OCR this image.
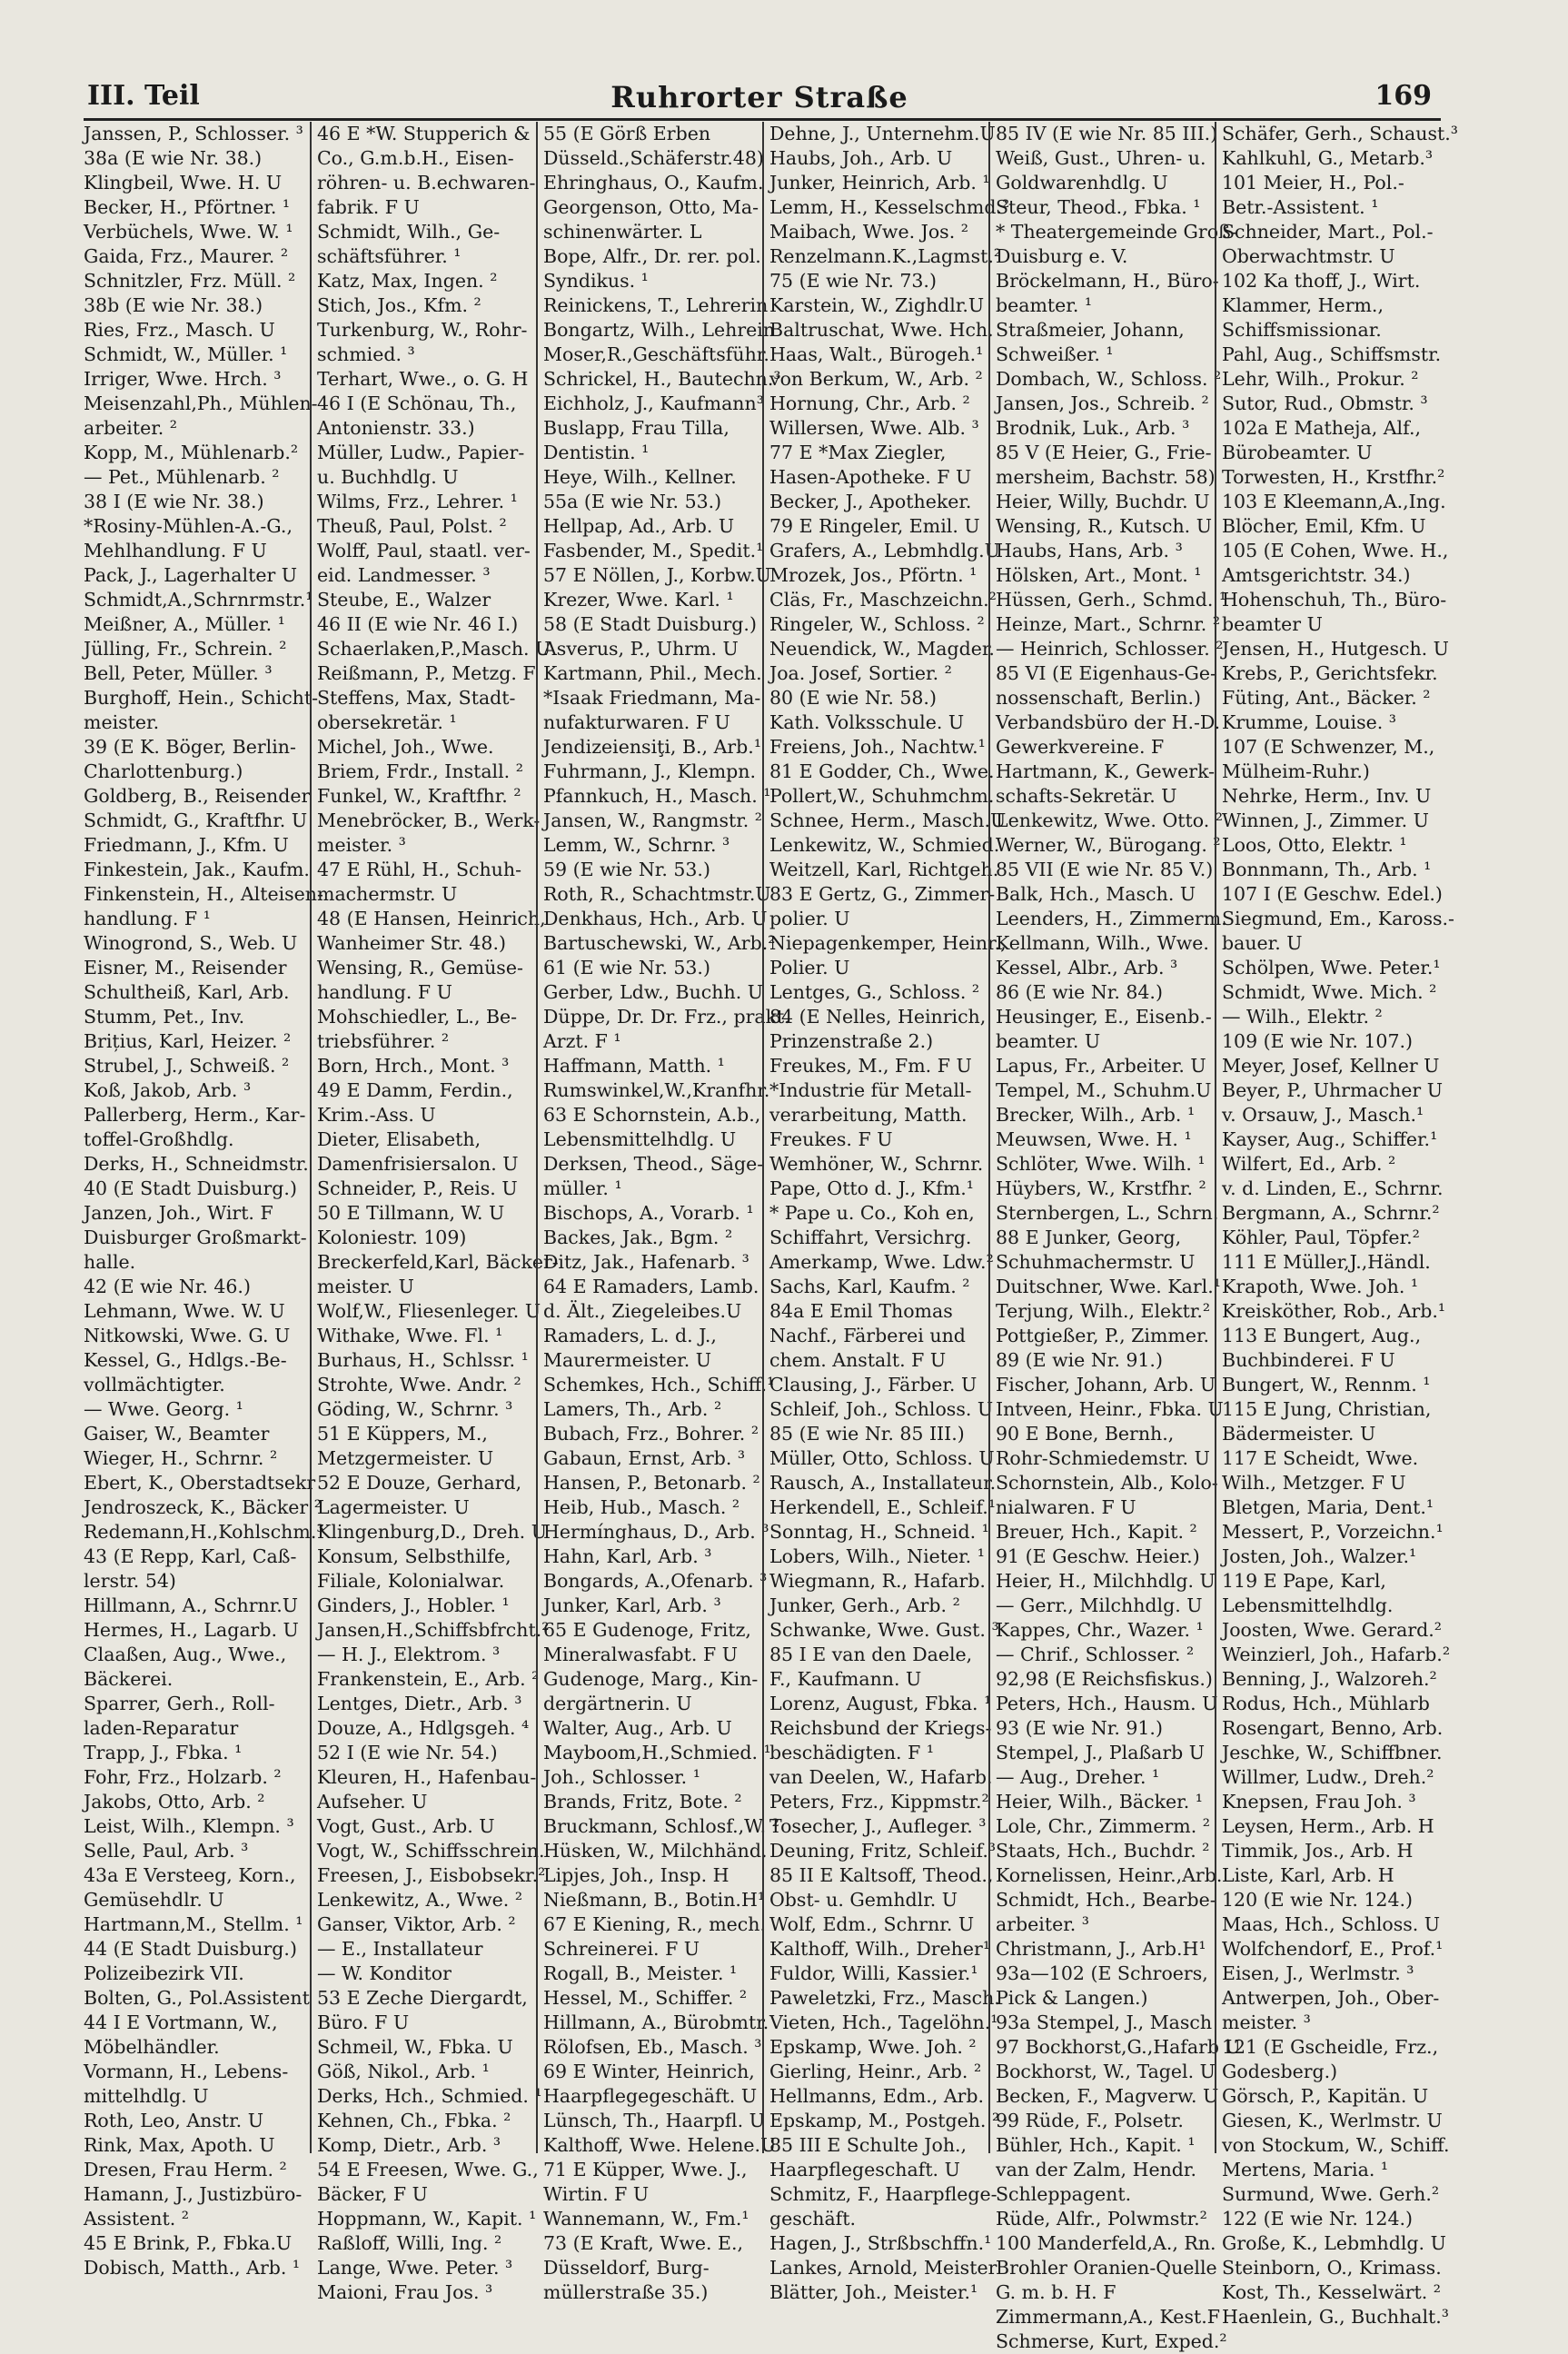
III. Teil	Ruhrorter Straße	169
Janssen, P., Schlosser. ³
38a (E wie Nr. 38.)
Klingbeil, Wwe. H. U
Becker, H., Pförtner. ¹
Verbüchels, Wwe. W. ¹
Gaida, Frz., Maurer. ²
Schnitzler, Frz. Müll. ²
38b (E wie Nr. 38.)
Ries, Frz., Masch. U
Schmidt, W., Müller. ¹
Irriger, Wwe. Hrch. ³
Meisenzahl,Ph., Mühlen-
arbeiter. ²
Kopp, M., Mühlenarb.²
— Pet., Mühlenarb. ²
38 I (E wie Nr. 38.)
*Rosiny-Mühlen-A.-G.,
Mehlhandlung. F U
Pack, J., Lagerhalter U
Schmidt,A.,Schrnrmstr.¹
Meißner, A., Müller. ¹
Jülling, Fr., Schrein. ²
Bell, Peter, Müller. ³
Burghoff, Hein., Schicht-
meister.
39 (E K. Böger, Berlin-
Charlottenburg.)
Goldberg, B., Reisender
Schmidt, G., Kraftfhr. U
Friedmann, J., Kfm. U
Finkestein, Jak., Kaufm.
Finkenstein, H., Alteisen-
handlung. F ¹
Winogrond, S., Web. U
Eisner, M., Reisender
Schultheiß, Karl, Arb.
Stumm, Pet., Inv.
Brițius, Karl, Heizer. ²
Strubel, J., Schweiß. ²
Koß, Jakob, Arb. ³
Pallerberg, Herm., Kar-
toffel-Großhdlg.
Derks, H., Schneidmstr.
40 (E Stadt Duisburg.)
Janzen, Joh., Wirt. F
Duisburger Großmarkt-
halle.
42 (E wie Nr. 46.)
Lehmann, Wwe. W. U
Nitkowski, Wwe. G. U
Kessel, G., Hdlgs.-Be-
vollmächtigter.
— Wwe. Georg. ¹
Gaiser, W., Beamter
Wieger, H., Schrnr. ²
Ebert, K., Oberstadtsekr
Jendroszeck, K., Bäcker ²
Redemann,H.,Kohlschm.³
43 (E Repp, Karl, Caß-
lerstr. 54)
Hillmann, A., Schrnr.U
Hermes, H., Lagarb. U
Claaßen, Aug., Wwe.,
Bäckerei.
Sparrer, Gerh., Roll-
laden-Reparatur
Trapp, J., Fbka. ¹
Fohr, Frz., Holzarb. ²
Jakobs, Otto, Arb. ²
Leist, Wilh., Klempn. ³
Selle, Paul, Arb. ³
43a E Versteeg, Korn.,
Gemüsehdlr. U
Hartmann,M., Stellm. ¹
44 (E Stadt Duisburg.)
Polizeibezirk VII.
Bolten, G., Pol.Assistent
44 I E Vortmann, W.,
Möbelhändler.
Vormann, H., Lebens-
mittelhdlg. U
Roth, Leo, Anstr. U
Rink, Max, Apoth. U
Dresen, Frau Herm. ²
Hamann, J., Justizbüro-
Assistent. ²
45 E Brink, P., Fbka.U
Dobisch, Matth., Arb. ¹
46 E *W. Stupperich &
Co., G.m.b.H., Eisen-
röhren- u. B.echwaren-
fabrik. F U
Schmidt, Wilh., Ge-
schäftsführer. ¹
Katz, Max, Ingen. ²
Stich, Jos., Kfm. ²
Turkenburg, W., Rohr-
schmied. ³
Terhart, Wwe., o. G. H
46 I (E Schönau, Th.,
Antonienstr. 33.)
Müller, Ludw., Papier-
u. Buchhdlg. U
Wilms, Frz., Lehrer. ¹
Theuß, Paul, Polst. ²
Wolff, Paul, staatl. ver-
eid. Landmesser. ³
Steube, E., Walzer
46 II (E wie Nr. 46 I.)
Schaerlaken,P.,Masch. U
Reißmann, P., Metzg. F
Steffens, Max, Stadt-
obersekretär. ¹
Michel, Joh., Wwe.
Briem, Frdr., Install. ²
Funkel, W., Kraftfhr. ²
Menebröcker, B., Werk-
meister. ³
47 E Rühl, H., Schuh-
machermstr. U
48 (E Hansen, Heinrich,
Wanheimer Str. 48.)
Wensing, R., Gemüse-
handlung. F U
Mohschiedler, L., Be-
triebsführer. ²
Born, Hrch., Mont. ³
49 E Damm, Ferdin.,
Krim.-Ass. U
Dieter, Elisabeth,
Damenfrisiersalon. U
Schneider, P., Reis. U
50 E Tillmann, W. U
Koloniestr. 109)
Breckerfeld,Karl, Bäcker-
meister. U
Wolf,W., Fliesenleger. U
Withake, Wwe. Fl. ¹
Burhaus, H., Schlssr. ¹
Strohte, Wwe. Andr. ²
Göding, W., Schrnr. ³
51 E Küppers, M.,
Metzgermeister. U
52 E Douze, Gerhard,
Lagermeister. U
Klingenburg,D., Dreh. U
Konsum, Selbsthilfe,
Filiale, Kolonialwar.
Ginders, J., Hobler. ¹
Jansen,H.,Schiffsbfrcht.²
— H. J., Elektrom. ³
Frankenstein, E., Arb. ²
Lentges, Dietr., Arb. ³
Douze, A., Hdlgsgeh. ⁴
52 I (E wie Nr. 54.)
Kleuren, H., Hafenbau-
Aufseher. U
Vogt, Gust., Arb. U
Vogt, W., Schiffsschrein.
Freesen, J., Eisbobsekr.²
Lenkewitz, A., Wwe. ²
Ganser, Viktor, Arb. ²
— E., Installateur
— W. Konditor
53 E Zeche Diergardt,
Büro. F U
Schmeil, W., Fbka. U
Göß, Nikol., Arb. ¹
Derks, Hch., Schmied. ¹
Kehnen, Ch., Fbka. ²
Komp, Dietr., Arb. ³
54 E Freesen, Wwe. G.,
Bäcker, F U
Hoppmann, W., Kapit. ¹
Raßloff, Willi, Ing. ²
Lange, Wwe. Peter. ³
Maioni, Frau Jos. ³
55 (E Görß Erben
Düsseld.,Schäferstr.48)
Ehringhaus, O., Kaufm.
Georgenson, Otto, Ma-
schinenwärter. L
Bope, Alfr., Dr. rer. pol.
Syndikus. ¹
Reinickens, T., Lehrerin
Bongartz, Wilh., Lehrein
Moser,R.,Geschäftsführ.
Schrickel, H., Bautechn.³
Eichholz, J., Kaufmann³
Buslapp, Frau Tilla,
Dentistin. ¹
Heye, Wilh., Kellner.
55a (E wie Nr. 53.)
Hellpap, Ad., Arb. U
Fasbender, M., Spedit.¹
57 E Nöllen, J., Korbw.U
Krezer, Wwe. Karl. ¹
58 (E Stadt Duisburg.)
Asverus, P., Uhrm. U
Kartmann, Phil., Mech.
*Isaak Friedmann, Ma-
nufakturwaren. F U
Jendizeiensiţi, B., Arb.¹
Fuhrmann, J., Klempn.
Pfannkuch, H., Masch. ¹
Jansen, W., Rangmstr. ²
Lemm, W., Schrnr. ³
59 (E wie Nr. 53.)
Roth, R., Schachtmstr.U
Denkhaus, Hch., Arb. U
Bartuschewski, W., Arb.²
61 (E wie Nr. 53.)
Gerber, Ldw., Buchh. U
Düppe, Dr. Dr. Frz., prakt.
Arzt. F ¹
Haffmann, Matth. ¹
Rumswinkel,W.,Kranfhr.
63 E Schornstein, A.b.,
Lebensmittelhdlg. U
Derksen, Theod., Säge-
müller. ¹
Bischops, A., Vorarb. ¹
Backes, Jak., Bgm. ²
Ditz, Jak., Hafenarb. ³
64 E Ramaders, Lamb.
d. Ält., Ziegeleibes.U
Ramaders, L. d. J.,
Maurermeister. U
Schemkes, Hch., Schiff.¹
Lamers, Th., Arb. ²
Bubach, Frz., Bohrer. ²
Gabaun, Ernst, Arb. ³
Hansen, P., Betonarb. ²
Heib, Hub., Masch. ²
Hermínghaus, D., Arb. ³
Hahn, Karl, Arb. ³
Bongards, A.,Ofenarb. ³
Junker, Karl, Arb. ³
65 E Gudenoge, Fritz,
Mineralwasfabt. F U
Gudenoge, Marg., Kin-
dergärtnerin. U
Walter, Aug., Arb. U
Mayboom,H.,Schmied. ¹
Joh., Schlosser. ¹
Brands, Fritz, Bote. ²
Bruckmann, Schlosf.,W. ²
Hüsken, W., Milchhänd.
Lipjes, Joh., Insp. H
Nießmann, B., Botin.H¹
67 E Kiening, R., mech.
Schreinerei. F U
Rogall, B., Meister. ¹
Hessel, M., Schiffer. ²
Hillmann, A., Bürobmtr.
Rölofsen, Eb., Masch. ³
69 E Winter, Heinrich,
Haarpflegegeschäft. U
Lünsch, Th., Haarpfl. U
Kalthoff, Wwe. Helene.U
71 E Küpper, Wwe. J.,
Wirtin. F U
Wannemann, W., Fm.¹
73 (E Kraft, Wwe. E.,
Düsseldorf, Burg-
müllerstraße 35.)
Dehne, J., Unternehm.U
Haubs, Joh., Arb. U
Junker, Heinrich, Arb. ¹
Lemm, H., Kesselschmd.²
Maibach, Wwe. Jos. ²
Renzelmann.K.,Lagmst.²
75 (E wie Nr. 73.)
Karstein, W., Zighdlr.U
Baltruschat, Wwe. Hch.
Haas, Walt., Bürogeh.¹
von Berkum, W., Arb. ²
Hornung, Chr., Arb. ²
Willersen, Wwe. Alb. ³
77 E *Max Ziegler,
Hasen-Apotheke. F U
Becker, J., Apotheker.
79 E Ringeler, Emil. U
Grafers, A., Lebmhdlg.U
Mrozek, Jos., Pförtn. ¹
Cläs, Fr., Maschzeichn.²
Ringeler, W., Schloss. ²
Neuendick, W., Magder.
Joa. Josef, Sortier. ²
80 (E wie Nr. 58.)
Kath. Volksschule. U
Freiens, Joh., Nachtw.¹
81 E Godder, Ch., Wwe.
Pollert,W., Schuhmchm.
Schnee, Herm., Masch.U
Lenkewitz, W., Schmied.
Weitzell, Karl, Richtgeh.
83 E Gertz, G., Zimmer-
polier. U
Niepagenkemper, Heinr.,
Polier. U
Lentges, G., Schloss. ²
84 (E Nelles, Heinrich,
Prinzenstraße 2.)
Freukes, M., Fm. F U
*Industrie für Metall-
verarbeitung, Matth.
Freukes. F U
Wemhöner, W., Schrnr.
Pape, Otto d. J., Kfm.¹
* Pape u. Co., Koh en,
Schiffahrt, Versichrg.
Amerkamp, Wwe. Ldw.²
Sachs, Karl, Kaufm. ²
84a E Emil Thomas
Nachf., Färberei und
chem. Anstalt. F U
Clausing, J., Färber. U
Schleif, Joh., Schloss. U
85 (E wie Nr. 85 III.)
Müller, Otto, Schloss. U
Rausch, A., Installateur.
Herkendell, E., Schleif.¹
Sonntag, H., Schneid. ¹
Lobers, Wilh., Nieter. ¹
Wiegmann, R., Hafarb.
Junker, Gerh., Arb. ²
Schwanke, Wwe. Gust. ³
85 I E van den Daele,
F., Kaufmann. U
Lorenz, August, Fbka. ¹
Reichsbund der Kriegs-
beschädigten. F ¹
van Deelen, W., Hafarb.
Peters, Frz., Kippmstr.²
Tosecher, J., Aufleger. ³
Deuning, Fritz, Schleif.³
85 II E Kaltsoff, Theod.,
Obst- u. Gemhdlr. U
Wolf, Edm., Schrnr. U
Kalthoff, Wilh., Dreher¹
Fuldor, Willi, Kassier.¹
Paweletzki, Frz., Masch.
Vieten, Hch., Tagelöhn.¹
Epskamp, Wwe. Joh. ²
Gierling, Heinr., Arb. ²
Hellmanns, Edm., Arb.
Epskamp, M., Postgeh. ²
85 III E Schulte Joh.,
Haarpflegeschaft. U
Schmitz, F., Haarpflege-
geschäft.
Hagen, J., Strßbschffn.¹
Lankes, Arnold, Meister
Blätter, Joh., Meister.¹
85 IV (E wie Nr. 85 III.)
Weiß, Gust., Uhren- u.
Goldwarenhdlg. U
Steur, Theod., Fbka. ¹
* Theatergemeinde Groß-
Duisburg e. V.
Bröckelmann, H., Büro-
beamter. ¹
Straßmeier, Johann,
Schweißer. ¹
Dombach, W., Schloss. ²
Jansen, Jos., Schreib. ²
Brodnik, Luk., Arb. ³
85 V (E Heier, G., Frie-
mersheim, Bachstr. 58)
Heier, Willy, Buchdr. U
Wensing, R., Kutsch. U
Haubs, Hans, Arb. ³
Hölsken, Art., Mont. ¹
Hüssen, Gerh., Schmd. ¹
Heinze, Mart., Schrnr. ²
— Heinrich, Schlosser. ²
85 VI (E Eigenhaus-Ge-
nossenschaft, Berlin.)
Verbandsbüro der H.-D.
Gewerkvereine. F
Hartmann, K., Gewerk-
schafts-Sekretär. U
Lenkewitz, Wwe. Otto. ²
Werner, W., Bürogang. ²
85 VII (E wie Nr. 85 V.)
Balk, Hch., Masch. U
Leenders, H., Zimmerm.
Kellmann, Wilh., Wwe.
Kessel, Albr., Arb. ³
86 (E wie Nr. 84.)
Heusinger, E., Eisenb.-
beamter. U
Lapus, Fr., Arbeiter. U
Tempel, M., Schuhm.U
Brecker, Wilh., Arb. ¹
Meuwsen, Wwe. H. ¹
Schlöter, Wwe. Wilh. ¹
Hüybers, W., Krstfhr. ²
Sternbergen, L., Schrn.
88 E Junker, Georg,
Schuhmachermstr. U
Duitschner, Wwe. Karl.¹
Terjung, Wilh., Elektr.²
Pottgießer, P., Zimmer.
89 (E wie Nr. 91.)
Fischer, Johann, Arb. U
Intveen, Heinr., Fbka. U
90 E Bone, Bernh.,
Rohr-Schmiedemstr. U
Schornstein, Alb., Kolo-
nialwaren. F U
Breuer, Hch., Kapit. ²
91 (E Geschw. Heier.)
Heier, H., Milchhdlg. U
— Gerr., Milchhdlg. U
Kappes, Chr., Wazer. ¹
— Chrif., Schlosser. ²
92,98 (E Reichsfiskus.)
Peters, Hch., Hausm. U
93 (E wie Nr. 91.)
Stempel, J., Plaßarb U
— Aug., Dreher. ¹
Heier, Wilh., Bäcker. ¹
Lole, Chr., Zimmerm. ²
Staats, Hch., Buchdr. ²
Kornelissen, Heinr.,Arb.
Schmidt, Hch., Bearbe-
arbeiter. ³
Christmann, J., Arb.H¹
93a—102 (E Schroers,
Pick & Langen.)
93a Stempel, J., Masch
97 Bockhorst,G.,Hafarb U
Bockhorst, W., Tagel. U
Becken, F., Magverw. U
99 Rüde, F., Polsetr.
Bühler, Hch., Kapit. ¹
van der Zalm, Hendr.
Schleppagent.
Rüde, Alfr., Polwmstr.²
100 Manderfeld,A., Rn.
Brohler Oranien-Quelle
G. m. b. H. F
Zimmermann,A., Kest.F
Schmerse, Kurt, Exped.²
Schäfer, Gerh., Schaust.³
Kahlkuhl, G., Metarb.³
101 Meier, H., Pol.-
Betr.-Assistent. ¹
Schneider, Mart., Pol.-
Oberwachtmstr. U
102 Ka thoff, J., Wirt.
Klammer, Herm.,
Schiffsmissionar.
Pahl, Aug., Schiffsmstr.
Lehr, Wilh., Prokur. ²
Sutor, Rud., Obmstr. ³
102a E Matheja, Alf.,
Bürobeamter. U
Torwesten, H., Krstfhr.²
103 E Kleemann,A.,Ing.
Blöcher, Emil, Kfm. U
105 (E Cohen, Wwe. H.,
Amtsgerichtstr. 34.)
Hohenschuh, Th., Büro-
beamter U
Jensen, H., Hutgesch. U
Krebs, P., Gerichtsfekr.
Füting, Ant., Bäcker. ²
Krumme, Louise. ³
107 (E Schwenzer, M.,
Mülheim-Ruhr.)
Nehrke, Herm., Inv. U
Winnen, J., Zimmer. U
Loos, Otto, Elektr. ¹
Bonnmann, Th., Arb. ¹
107 I (E Geschw. Edel.)
Siegmund, Em., Kaross.-
bauer. U
Schölpen, Wwe. Peter.¹
Schmidt, Wwe. Mich. ²
— Wilh., Elektr. ²
109 (E wie Nr. 107.)
Meyer, Josef, Kellner U
Beyer, P., Uhrmacher U
v. Orsauw, J., Masch.¹
Kayser, Aug., Schiffer.¹
Wilfert, Ed., Arb. ²
v. d. Linden, E., Schrnr.
Bergmann, A., Schrnr.²
Köhler, Paul, Töpfer.²
111 E Müller,J.,Händl.
Krapoth, Wwe. Joh. ¹
Kreisköther, Rob., Arb.¹
113 E Bungert, Aug.,
Buchbinderei. F U
Bungert, W., Rennm. ¹
115 E Jung, Christian,
Bädermeister. U
117 E Scheidt, Wwe.
Wilh., Metzger. F U
Bletgen, Maria, Dent.¹
Messert, P., Vorzeichn.¹
Josten, Joh., Walzer.¹
119 E Pape, Karl,
Lebensmittelhdlg.
Joosten, Wwe. Gerard.²
Weinzierl, Joh., Hafarb.²
Benning, J., Walzoreh.²
Rodus, Hch., Mühlarb
Rosengart, Benno, Arb.
Jeschke, W., Schiffbner.
Willmer, Ludw., Dreh.²
Knepsen, Frau Joh. ³
Leysen, Herm., Arb. H
Timmik, Jos., Arb. H
Liste, Karl, Arb. H
120 (E wie Nr. 124.)
Maas, Hch., Schloss. U
Wolfchendorf, E., Prof.¹
Eisen, J., Werlmstr. ³
Antwerpen, Joh., Ober-
meister. ³
121 (E Gscheidle, Frz.,
Godesberg.)
Görsch, P., Kapitän. U
Giesen, K., Werlmstr. U
von Stockum, W., Schiff.
Mertens, Maria. ¹
Surmund, Wwe. Gerh.²
122 (E wie Nr. 124.)
Große, K., Lebmhdlg. U
Steinborn, O., Krimass.
Kost, Th., Kesselwärt. ²
Haenlein, G., Buchhalt.³
